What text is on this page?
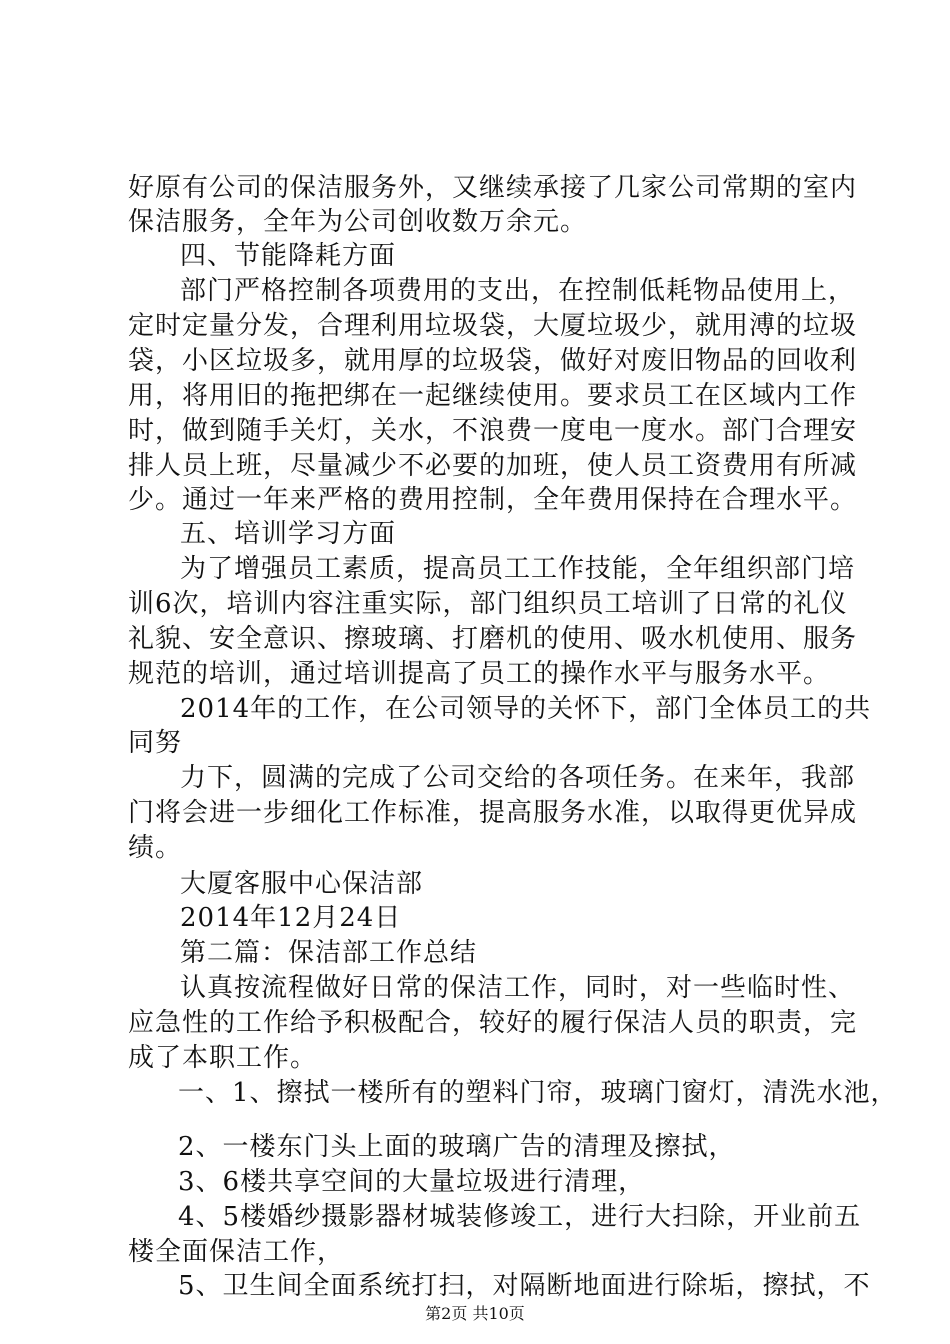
好原有公司的保洁服务外，又继续承接了几家公司常期的室内
保洁服务，全年为公司创收数万余元。
四、节能降耗方面
部门严格控制各项费用的支出，在控制低耗物品使用上，
定时定量分发，合理利用垃圾袋，大厦垃圾少，就用溥的垃圾
袋，小区垃圾多，就用厚的垃圾袋，做好对废旧物品的回收利
用，将用旧的拖把绑在一起继续使用。要求员工在区域内工作
时，做到随手关灯，关水，不浪费一度电一度水。部门合理安
排人员上班，尽量减少不必要的加班，使人员工资费用有所减
少。通过一年来严格的费用控制，全年费用保持在合理水平。
五、培训学习方面
为了增强员工素质，提高员工工作技能，全年组织部门培
训6次，培训内容注重实际，部门组织员工培训了日常的礼仪
礼貌、安全意识、擦玻璃、打磨机的使用、吸水机使用、服务
规范的培训，通过培训提高了员工的操作水平与服务水平。
2014年的工作，在公司领导的关怀下，部门全体员工的共
同努
力下，圆满的完成了公司交给的各项任务。在来年，我部
门将会进一步细化工作标准，提高服务水准，以取得更优异成
绩。
大厦客服中心保洁部
2014年12月24日
第二篇：保洁部工作总结
认真按流程做好日常的保洁工作，同时，对一些临时性、
应急性的工作给予积极配合，较好的履行保洁人员的职责，完
成了本职工作。
一、1、擦拭一楼所有的塑料门帘，玻璃门窗灯，清洗水池，
2、一楼东门头上面的玻璃广告的清理及擦拭，
3、6楼共享空间的大量垃圾进行清理，
4、5楼婚纱摄影器材城装修竣工，进行大扫除，开业前五
楼全面保洁工作，
5、卫生间全面系统打扫，对隔断地面进行除垢，擦拭，不
第2页 共10页
